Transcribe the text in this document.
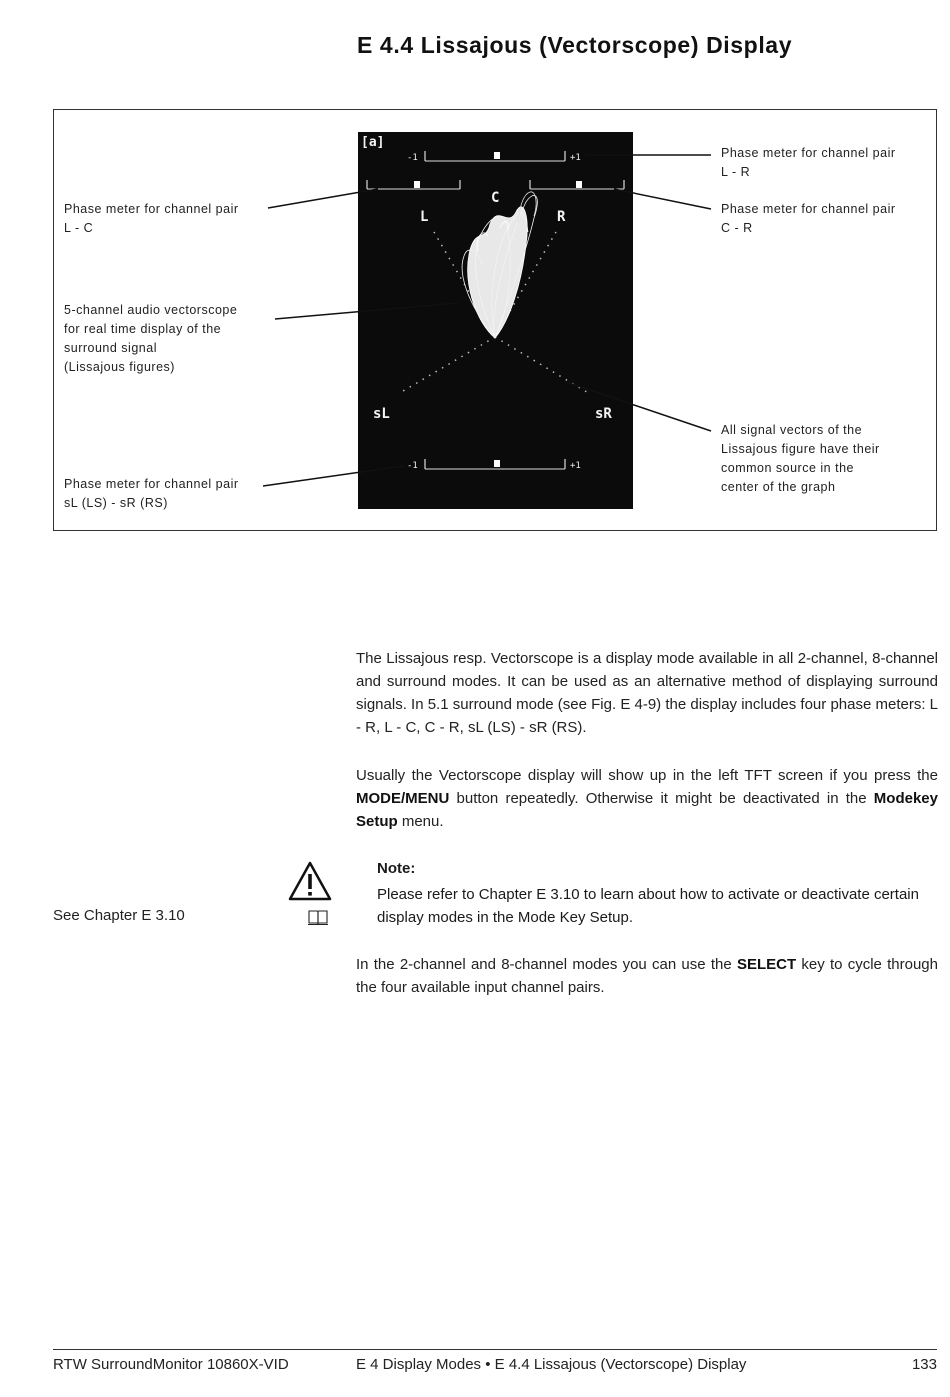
E 4.4 Lissajous (Vectorscope) Display
Phase meter for channel pair
L - C
5-channel audio vectorscope
for real time display of the
surround signal
(Lissajous figures)
Phase meter for channel pair
sL (LS) - sR (RS)
Phase meter for channel pair
L - R
Phase meter for channel pair
C - R
All signal vectors of the
Lissajous figure have their
common source in the
center of the graph
[a]
-1	+1
C
L	R
sL	sR
-1	+1

The Lissajous resp. Vectorscope is a display mode available in all 2-channel, 8-channel and surround modes. It can be used as an alternative method of displaying surround signals. In 5.1 surround mode (see Fig. E 4-9) the display includes four phase meters: L - R, L - C, C - R, sL (LS) - sR (RS).

Usually the Vectorscope display will show up in the left TFT screen if you press the MODE/MENU button repeatedly. Otherwise it might be deactivated in the Modekey Setup menu.

Note:

Please refer to Chapter E 3.10 to learn about how to activate or deactivate certain display modes in the Mode Key Setup.

See Chapter E 3.10

In the 2-channel and 8-channel modes you can use the SELECT key to cycle through the four available input channel pairs.

RTW SurroundMonitor 10860X-VID	E 4 Display Modes • E 4.4 Lissajous (Vectorscope) Display	133
